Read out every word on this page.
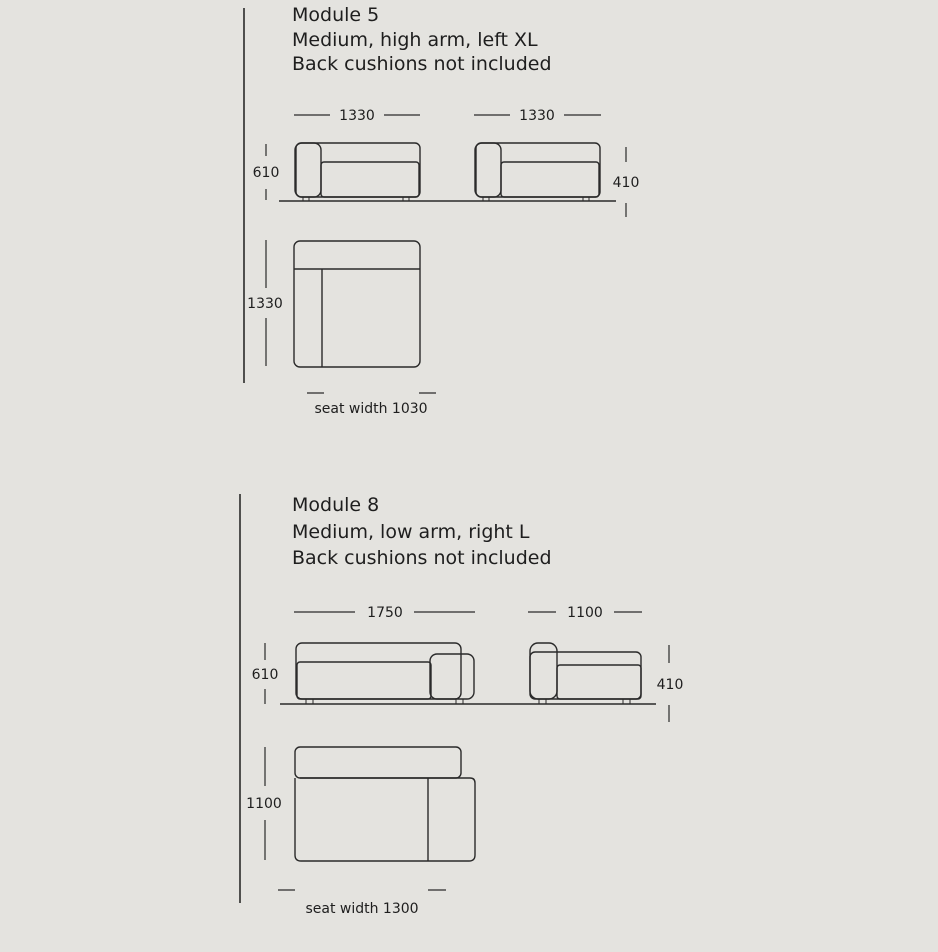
Module 5
Medium, high arm, left XL
Back cushions not included
1330	1330
610
410
1330
seat width 1030
Module 8
Medium, low arm, right L
Back cushions not included
1750	1100
610
410
1100
seat width 1300
